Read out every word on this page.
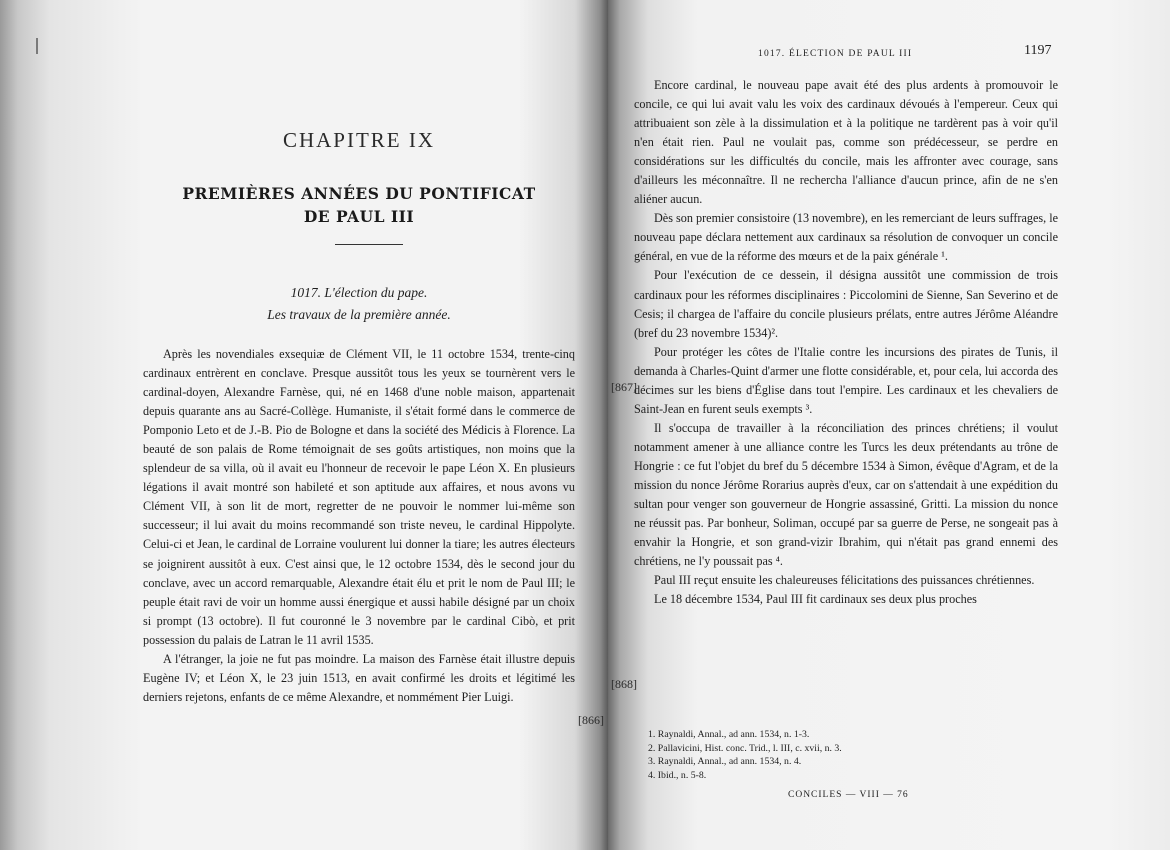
CHAPITRE IX
PREMIÈRES ANNÉES DU PONTIFICAT
DE PAUL III
1017. L'élection du pape.
Les travaux de la première année.

Après les novendiales exsequiæ de Clément VII, le 11 octobre 1534, trente-cinq cardinaux entrèrent en conclave. Presque aussitôt tous les yeux se tournèrent vers le cardinal-doyen, Alexandre Farnèse, qui, né en 1468 d'une noble maison, appartenait depuis quarante ans au Sacré-Collège. Humaniste, il s'était formé dans le commerce de Pomponio Leto et de J.-B. Pio de Bologne et dans la société des Médicis à Florence. La beauté de son palais de Rome témoignait de ses goûts artistiques, non moins que la splendeur de sa villa, où il avait eu l'honneur de recevoir le pape Léon X. En plusieurs légations il avait montré son habileté et son aptitude aux affaires, et nous avons vu Clément VII, à son lit de mort, regretter de ne pouvoir le nommer lui-même son successeur; il lui avait du moins recommandé son triste neveu, le cardinal Hippolyte. Celui-ci et Jean, le cardinal de Lorraine voulurent lui donner la tiare; les autres électeurs se joignirent aussitôt à eux. C'est ainsi que, le 12 octobre 1534, dès le second jour du conclave, avec un accord remarquable, Alexandre était élu et prit le nom de Paul III; le peuple était ravi de voir un homme aussi énergique et aussi habile désigné par un choix si prompt (13 octobre). Il fut couronné le 3 novembre par le cardinal Cibò, et prit possession du palais de Latran le 11 avril 1535.

A l'étranger, la joie ne fut pas moindre. La maison des Farnèse était illustre depuis Eugène IV; et Léon X, le 23 juin 1513, en avait confirmé les droits et légitimé les derniers rejetons, enfants de ce même Alexandre, et nommément Pier Luigi.

[866]
1017. ÉLECTION DE PAUL III	1197

Encore cardinal, le nouveau pape avait été des plus ardents à promouvoir le concile, ce qui lui avait valu les voix des cardinaux dévoués à l'empereur. Ceux qui attribuaient son zèle à la dissimulation et à la politique ne tardèrent pas à voir qu'il n'en était rien. Paul ne voulait pas, comme son prédécesseur, se perdre en considérations sur les difficultés du concile, mais les affronter avec courage, sans d'ailleurs les méconnaître. Il ne rechercha l'alliance d'aucun prince, afin de ne s'en aliéner aucun.

Dès son premier consistoire (13 novembre), en les remerciant de leurs suffrages, le nouveau pape déclara nettement aux cardinaux sa résolution de convoquer un concile général, en vue de la réforme des mœurs et de la paix générale ¹.

Pour l'exécution de ce dessein, il désigna aussitôt une commission de trois cardinaux pour les réformes disciplinaires : Piccolomini de Sienne, San Severino et de Cesis; il chargea de l'affaire du concile plusieurs prélats, entre autres Jérôme Aléandre (bref du 23 novembre 1534)².

Pour protéger les côtes de l'Italie contre les incursions des pirates de Tunis, il demanda à Charles-Quint d'armer une flotte considérable, et, pour cela, lui accorda des décimes sur les biens d'Église dans tout l'empire. Les cardinaux et les chevaliers de Saint-Jean en furent seuls exempts ³.

Il s'occupa de travailler à la réconciliation des princes chrétiens; il voulut notamment amener à une alliance contre les Turcs les deux prétendants au trône de Hongrie : ce fut l'objet du bref du 5 décembre 1534 à Simon, évêque d'Agram, et de la mission du nonce Jérôme Rorarius auprès d'eux, car on s'attendait à une expédition du sultan pour venger son gouverneur de Hongrie assassiné, Gritti. La mission du nonce ne réussit pas. Par bonheur, Soliman, occupé par sa guerre de Perse, ne songeait pas à envahir la Hongrie, et son grand-vizir Ibrahim, qui n'était pas grand ennemi des chrétiens, ne l'y poussait pas ⁴.

Paul III reçut ensuite les chaleureuses félicitations des puissances chrétiennes.

Le 18 décembre 1534, Paul III fit cardinaux ses deux plus proches

[867]
[868]
1. Raynaldi, Annal., ad ann. 1534, n. 1-3.
2. Pallavicini, Hist. conc. Trid., l. III, c. xvii, n. 3.
3. Raynaldi, Annal., ad ann. 1534, n. 4.
4. Ibid., n. 5-8.
CONCILES — VIII — 76
